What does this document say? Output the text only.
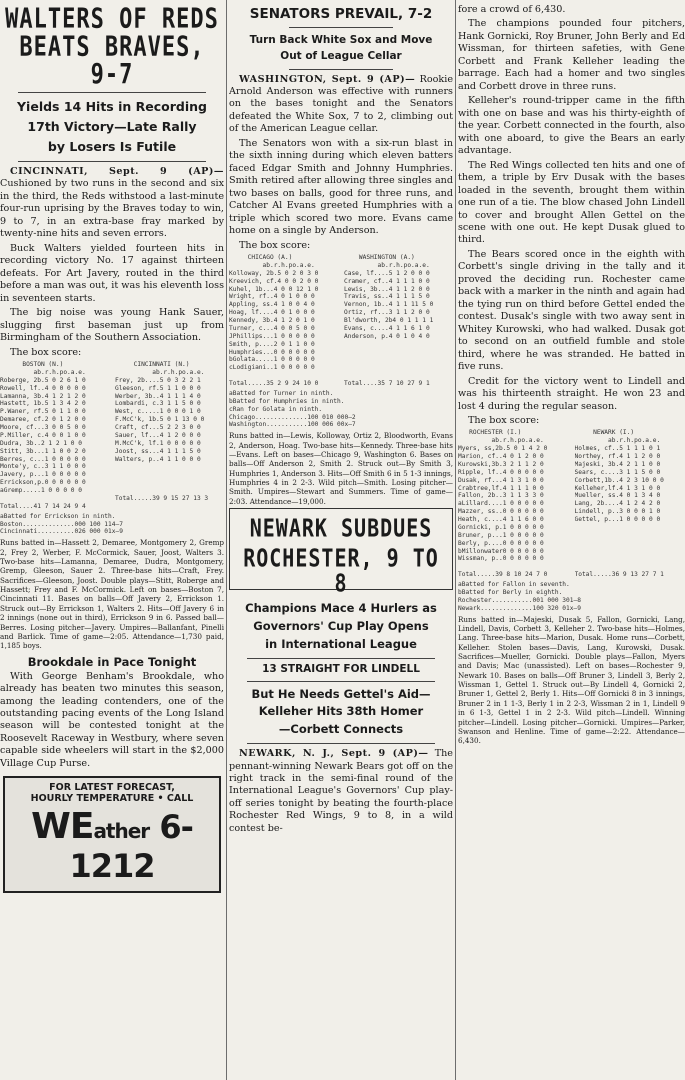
WALTERS OF REDS
BEATS BRAVES, 9-7
Yields 14 Hits in Recording
17th Victory—Late Rally
by Losers Is Futile

CINCINNATI, Sept. 9 (AP)— Cushioned by two runs in the second and six in the third, the Reds withstood a last-minute four-run uprising by the Braves today to win, 9 to 7, in an extra-base fray marked by twenty-nine hits and seven errors.

Buck Walters yielded fourteen hits in recording victory No. 17 against thirteen defeats. For Art Javery, routed in the third before a man was out, it was his eleventh loss in seventeen starts.

The big noise was young Hank Sauer, slugging first baseman just up from Birmingham of the Southern Association.

The box score:

BOSTON (N.)
ab.r.h.po.a.e.
Roberge, 2b.5 0 2 6 1 0
Rowell, lf..4 0 0 0 0 0
Lamanna, 3b.4 1 2 1 2 0
Hastett, 1b.5 1 3 4 2 0
P.Waner, rf.5 0 1 1 0 0
Demaree, cf.2 0 1 2 0 0
Moore, cf...3 0 0 5 0 0
P.Miller, c.4 0 0 1 0 0
Dudra, 3b..2 1 2 1 0 0
Stitt, 3b...1 1 0 0 2 0
Berres, c...1 0 0 0 0 0
Monte'y, c..3 1 1 0 0 0
Javery, p...1 0 0 0 0 0
Errickson,p.0 0 0 0 0 0
aGremp.....1 0 0 0 0 0

Total....41 7 14 24 9 4
CINCINNATI (N.)
ab.r.h.po.a.e.
Frey, 2b....5 0 3 2 2 1
Gleeson, rf.5 1 1 0 0 0
Werber, 3b..4 1 1 1 4 0
Lombardi, c.3 1 1 5 0 0
West, c.....1 0 0 0 1 0
F.McC'k, 1b.5 0 1 13 0 0
Craft, cf...5 2 2 3 0 0
Sauer, lf...4 1 2 0 0 0
M.McC'k, lf.1 0 0 0 0 0
Joost, ss...4 1 1 1 5 0
Walters, p..4 1 1 0 0 0

Total.....39 9 15 27 13 3
aBatted for Errickson in ninth.
Boston..............000 100 114—7
Cincinnati..........026 000 01x—9

Runs batted in—Hassett 2, Demaree, Montgomery 2, Gremp 2, Frey 2, Werber, F. McCormick, Sauer, Joost, Walters 3. Two-base hits—Lamanna, Demaree, Dudra, Montgomery, Gremp, Gleeson, Sauer 2. Three-base hits—Craft, Frey. Sacrifices—Gleeson, Joost. Double plays—Stitt, Roberge and Hassett; Frey and F. McCormick. Left on bases—Boston 7, Cincinnati 11. Bases on balls—Off Javery 2, Errickson 1. Struck out—By Errickson 1, Walters 2. Hits—Off Javery 6 in 2 innings (none out in third), Errickson 9 in 6. Passed ball—Berres. Losing pitcher—Javery. Umpires—Ballanfant, Pinelli and Barlick. Time of game—2:05. Attendance—1,730 paid, 1,185 boys.

Brookdale in Pace Tonight

With George Benham's Brookdale, who already has beaten two minutes this season, among the leading contenders, one of the outstanding pacing events of the Long Island season will be contested tonight at the Roosevelt Raceway in Westbury, where seven capable side wheelers will start in the $2,000 Village Cup Purse.

FOR LATEST FORECAST,
HOURLY TEMPERATURE • CALL
WEather 6-1212
SENATORS PREVAIL, 7-2
Turn Back White Sox and Move
Out of League Cellar

WASHINGTON, Sept. 9 (AP)— Rookie Arnold Anderson was effective with runners on the bases tonight and the Senators defeated the White Sox, 7 to 2, climbing out of the American League cellar.

The Senators won with a six-run blast in the sixth inning during which eleven batters faced Edgar Smith and Johnny Humphries. Smith retired after allowing three singles and two bases on balls, good for three runs, and Catcher Al Evans greeted Humphries with a triple which scored two more. Evans came home on a single by Anderson.

The box score:

CHICAGO (A.)
ab.r.h.po.a.e.
Kolloway, 2b.5 0 2 0 3 0
Kreevich, cf.4 0 0 2 0 0
Kuhel, 1b...4 0 0 12 1 0
Wright, rf..4 0 1 0 0 0
Appling, ss.4 1 0 0 4 0
Hoag, lf....4 0 1 0 0 0
Kennedy, 3b.4 1 2 0 1 0
Turner, c...4 0 0 5 0 0
JPhillips...1 0 0 0 0 0
Smith, p....2 0 1 1 0 0
Humphries...0 0 0 0 0 0
bGolata.....1 0 0 0 0 0
cLodigiani..1 0 0 0 0 0

Total.....35 2 9 24 10 0
WASHINGTON (A.)
ab.r.h.po.a.e.
Case, lf....5 1 2 0 0 0
Cramer, cf..4 1 1 1 0 0
Lewis, 3b...4 1 1 2 0 0
Travis, ss..4 1 1 1 5 0
Vernon, 1b..4 1 1 11 5 0
Ortiz, rf...3 1 1 2 0 0
Bl'dworth, 2b4 0 1 1 1 1
Evans, c....4 1 1 6 1 0
Anderson, p.4 0 1 0 4 0

Total....35 7 10 27 9 1
aBatted for Turner in ninth.
bBatted for Humphries in ninth.
cRan for Golata in ninth.
Chicago..............100 010 000—2
Washington...........100 006 00x—7

Runs batted in—Lewis, Kolloway, Ortiz 2, Bloodworth, Evans 2, Anderson, Hoag. Two-base hits—Kennedy. Three-base hits—Evans. Left on bases—Chicago 9, Washington 6. Bases on balls—Off Anderson 2, Smith 2. Struck out—By Smith 3, Humphries 1, Anderson 3. Hits—Off Smith 6 in 5 1-3 innings, Humphries 4 in 2 2-3. Wild pitch—Smith. Losing pitcher—Smith. Umpires—Stewart and Summers. Time of game—2:03. Attendance—19,000.

NEWARK SUBDUES
ROCHESTER, 9 TO 8
Champions Mace 4 Hurlers as
Governors' Cup Play Opens
in International League
13 STRAIGHT FOR LINDELL
But He Needs Gettel's Aid—
Kelleher Hits 38th Homer
—Corbett Connects

NEWARK, N. J., Sept. 9 (AP)— The pennant-winning Newark Bears got off on the right track in the semi-final round of the International League's Governors' Cup play-off series tonight by beating the fourth-place Rochester Red Wings, 9 to 8, in a wild contest be-

fore a crowd of 6,430.

The champions pounded four pitchers, Hank Gornicki, Roy Bruner, John Berly and Ed Wissman, for thirteen safeties, with Gene Corbett and Frank Kelleher leading the barrage. Each had a homer and two singles and Corbett drove in three runs.

Kelleher's round-tripper came in the fifth with one on base and was his thirty-eighth of the year. Corbett connected in the fourth, also with one aboard, to give the Bears an early advantage.

The Red Wings collected ten hits and one of them, a triple by Erv Dusak with the bases loaded in the seventh, brought them within one run of a tie. The blow chased John Lindell to cover and brought Allen Gettel on the scene with one out. He kept Dusak glued to third.

The Bears scored once in the eighth with Corbett's single driving in the tally and it proved the deciding run. Rochester came back with a marker in the ninth and again had the tying run on third before Gettel ended the contest. Dusak's single with two away sent in Whitey Kurowski, who had walked. Dusak got to second on an outfield fumble and stole third, where he was stranded. He batted in five runs.

Credit for the victory went to Lindell and was his thirteenth straight. He won 23 and lost 4 during the regular season.

The box score:

ROCHESTER (I.)
ab.r.h.po.a.e.
Myers, ss,2b.5 0 1 4 2 0
Marion, cf..4 0 1 2 0 0
Kurowski,3b.3 2 1 1 2 0
Ripple, lf..4 0 0 0 0 0
Dusak, rf...4 1 3 1 0 0
Crabtree,lf.4 1 1 1 0 0
Fallon, 2b..3 1 1 3 3 0
aLillard....1 0 0 0 0 0
Mazzer, ss..0 0 0 0 0 0
Heath, c....4 1 1 6 0 0
Gornicki, p.1 0 0 0 0 0
Bruner, p...1 0 0 0 0 0
Berly, p....0 0 0 0 0 0
bMillonwater0 0 0 0 0 0
Wissman, p..0 0 0 0 0 0

Total.....39 8 10 24 7 0
NEWARK (I.)
ab.r.h.po.a.e.
Holmes, cf..5 1 1 1 0 1
Northey, rf.4 1 1 2 0 0
Majeski, 3b.4 2 1 1 0 0
Sears, c....3 1 1 5 0 0
Corbett,1b..4 2 3 10 0 0
Kelleher,lf.4 1 3 1 0 0
Mueller, ss.4 0 1 3 4 0
Lang, 2b....4 1 2 4 2 0
Lindell, p..3 0 0 0 1 0
Gettel, p...1 0 0 0 0 0

Total.....36 9 13 27 7 1
aBatted for Fallon in seventh.
bBatted for Berly in eighth.
Rochester...........001 000 301—8
Newark..............100 320 01x—9

Runs batted in—Majeski, Dusak 5, Fallon, Gornicki, Lang, Lindell, Davis, Corbett 3, Kelleher 2. Two-base hits—Holmes, Lang. Three-base hits—Marion, Dusak. Home runs—Corbett, Kelleher. Stolen bases—Davis, Lang, Kurowski, Dusak. Sacrifices—Mueller, Gornicki. Double plays—Fallon, Myers and Davis; Mac (unassisted). Left on bases—Rochester 9, Newark 10. Bases on balls—Off Bruner 3, Lindell 3, Berly 2, Wissman 1, Gettel 1. Struck out—By Lindell 4, Gornicki 2, Bruner 1, Gettel 2, Berly 1. Hits—Off Gornicki 8 in 3 innings, Bruner 2 in 1 1-3, Berly 1 in 2 2-3, Wissman 2 in 1, Lindell 9 in 6 1-3, Gettel 1 in 2 2-3. Wild pitch—Lindell. Winning pitcher—Lindell. Losing pitcher—Gornicki. Umpires—Parker, Swanson and Henline. Time of game—2:22. Attendance—6,430.
